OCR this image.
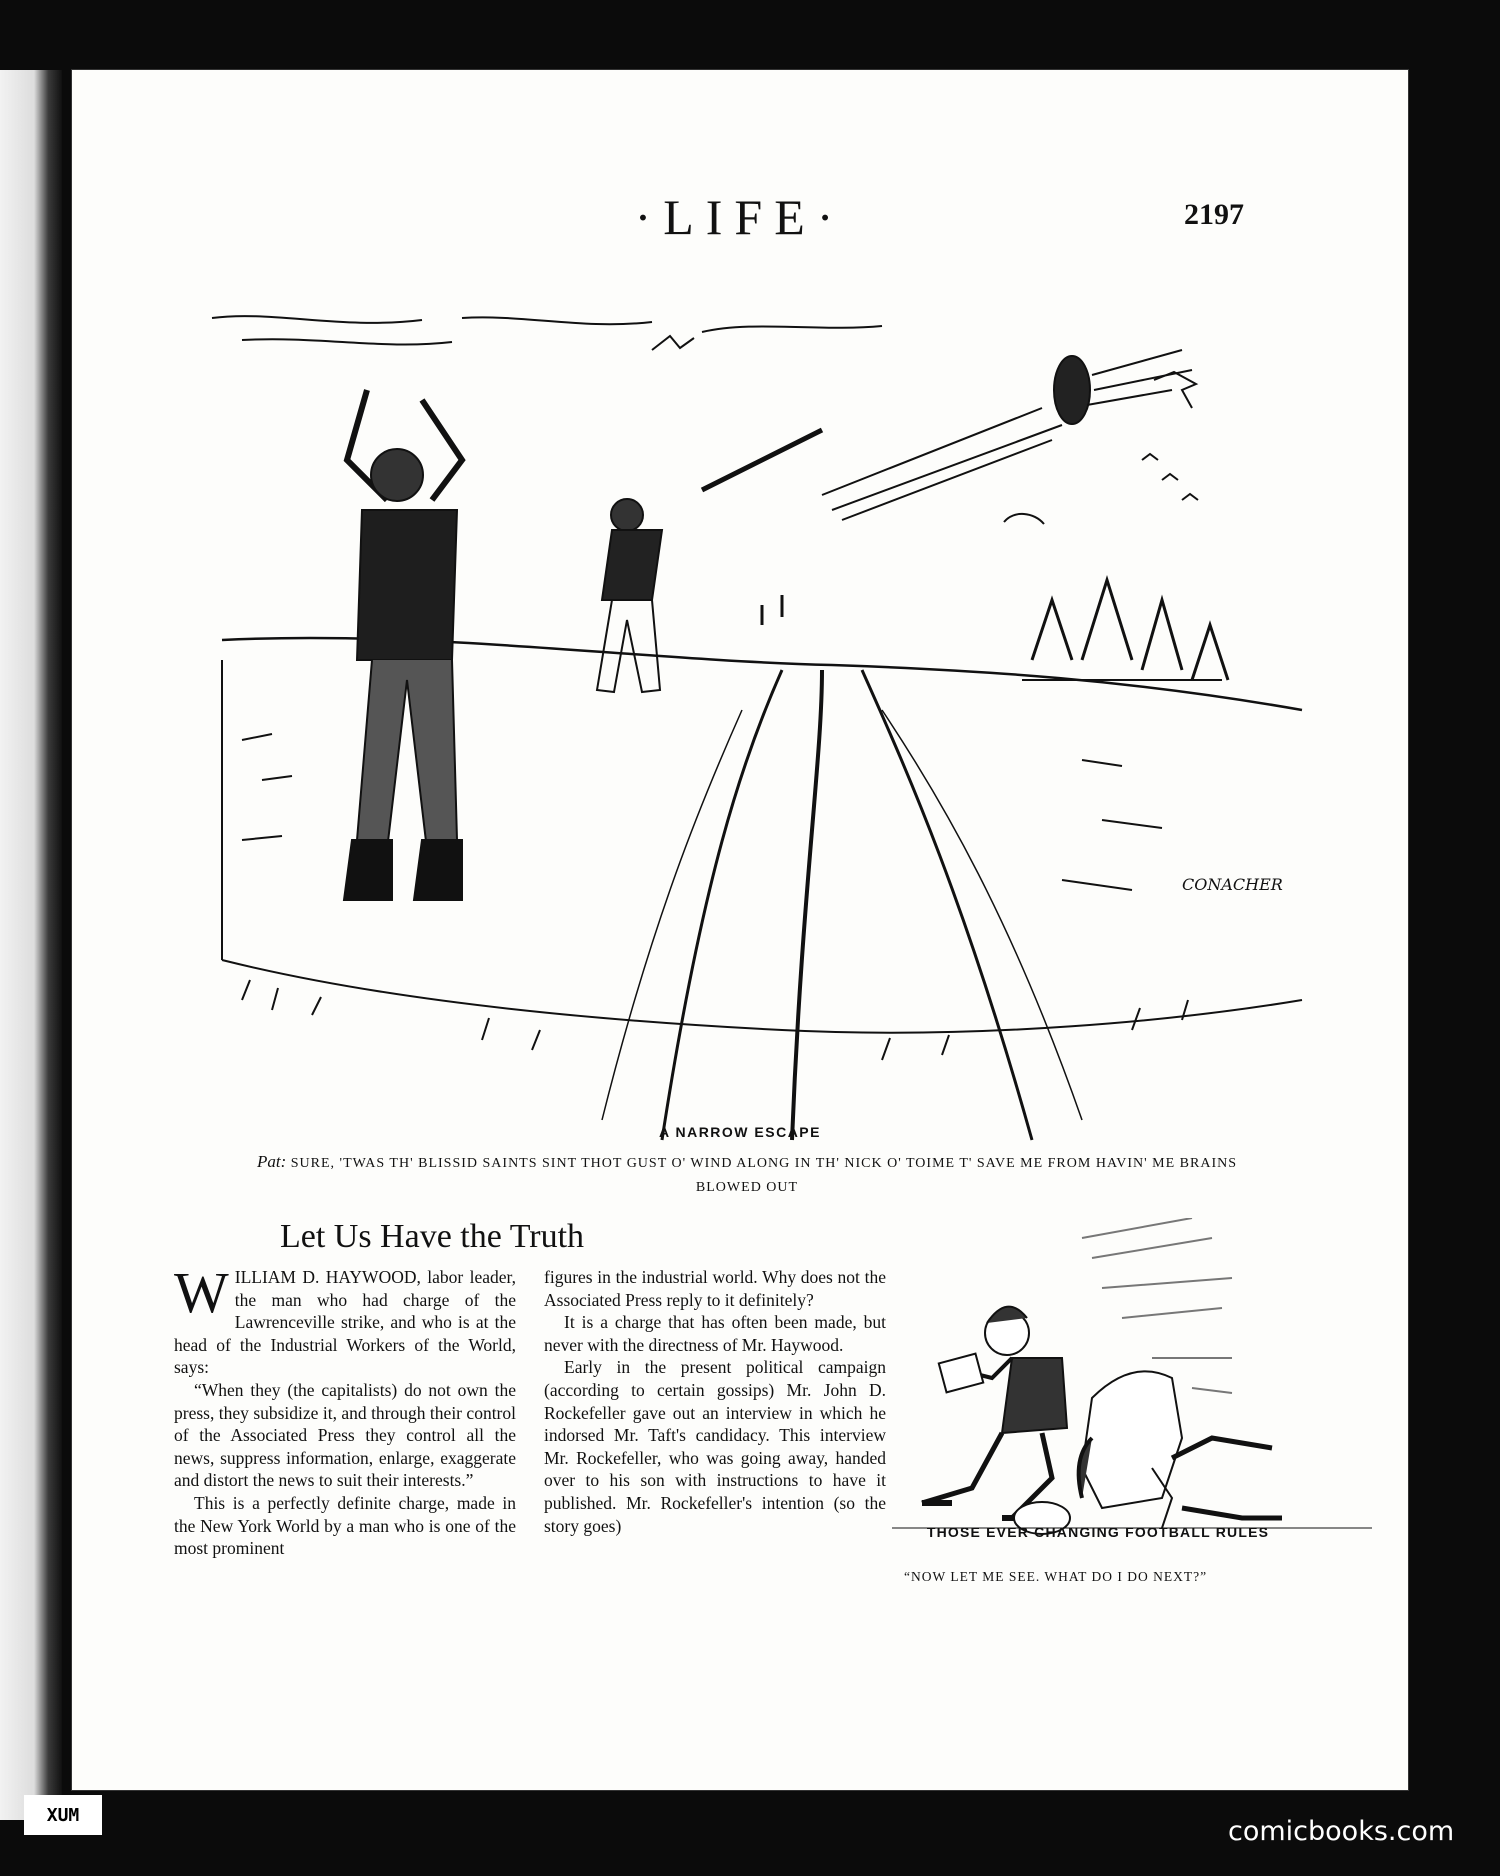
·LIFE·	2197
CONACHER
A NARROW ESCAPE
Pat: SURE, 'TWAS TH' BLISSID SAINTS SINT THOT GUST O' WIND ALONG IN TH' NICK O' TOIME T' SAVE ME FROM HAVIN' ME BRAINS BLOWED OUT
Let Us Have the Truth

WILLIAM D. HAYWOOD, labor leader, the man who had charge of the Lawrenceville strike, and who is at the head of the Industrial Workers of the World, says:

“When they (the capitalists) do not own the press, they subsidize it, and through their control of the Associated Press they control all the news, suppress information, enlarge, exaggerate and distort the news to suit their interests.”

This is a perfectly definite charge, made in the New York World by a man who is one of the most prominent

figures in the industrial world. Why does not the Associated Press reply to it definitely?

It is a charge that has often been made, but never with the directness of Mr. Haywood.

Early in the present political campaign (according to certain gossips) Mr. John D. Rockefeller gave out an interview in which he indorsed Mr. Taft's candidacy. This interview Mr. Rockefeller, who was going away, handed over to his son with instructions to have it published. Mr. Rockefeller's intention (so the story goes)	THOSE EVER CHANGING FOOTBALL RULES
“NOW LET ME SEE. WHAT DO I DO NEXT?”
XUM
comicbooks.com
